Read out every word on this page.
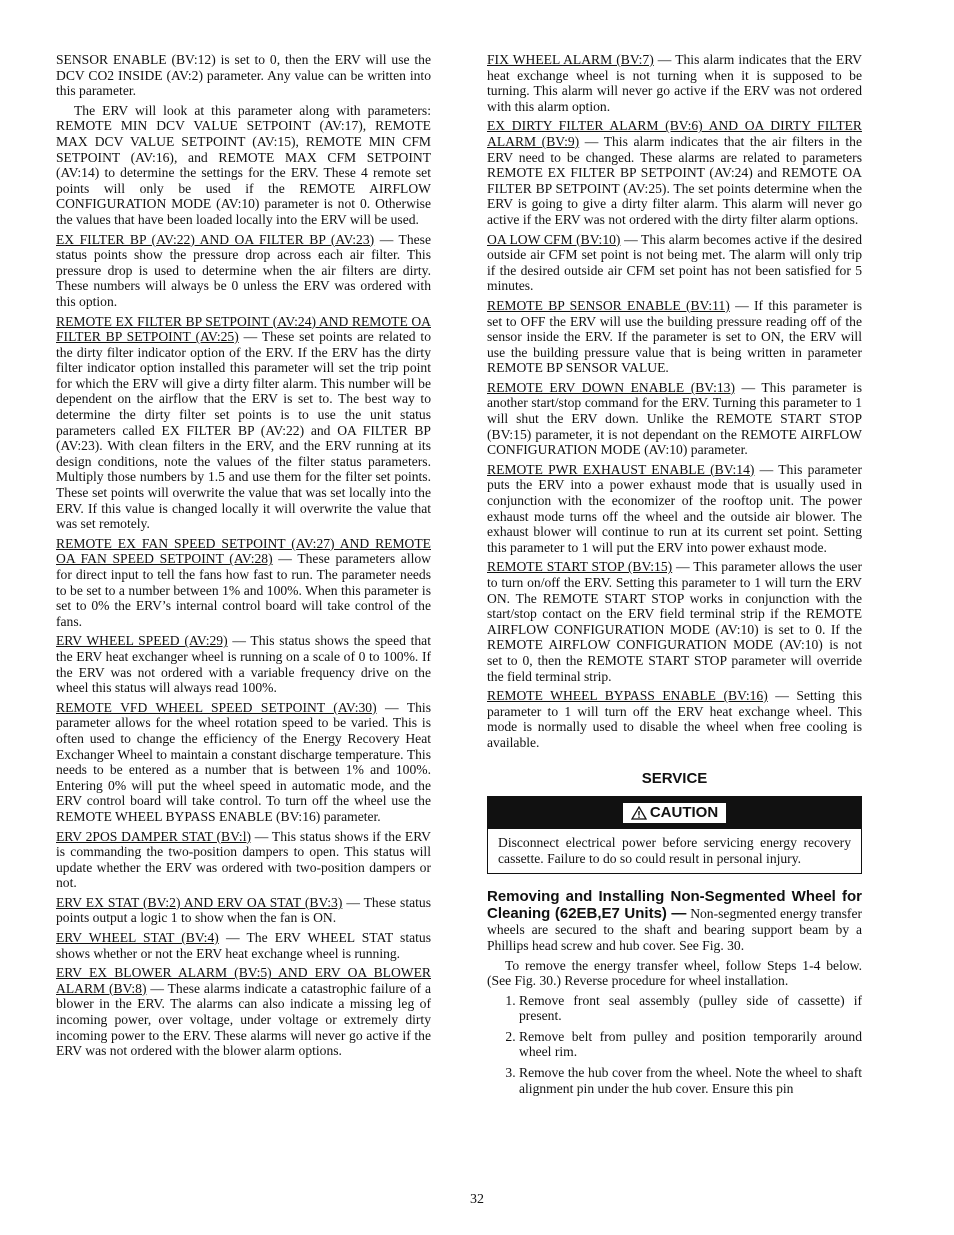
SENSOR ENABLE (BV:12) is set to 0, then the ERV will use the DCV CO2 INSIDE (AV:2) parameter. Any value can be written into this parameter.

The ERV will look at this parameter along with parameters: REMOTE MIN DCV VALUE SETPOINT (AV:17), REMOTE MAX DCV VALUE SETPOINT (AV:15), REMOTE MIN CFM SETPOINT (AV:16), and REMOTE MAX CFM SETPOINT (AV:14) to determine the settings for the ERV. These 4 remote set points will only be used if the REMOTE AIRFLOW CONFIGURATION MODE (AV:10) parameter is not 0. Otherwise the values that have been loaded locally into the ERV will be used.

EX FILTER BP (AV:22) AND OA FILTER BP (AV:23) — These status points show the pressure drop across each air filter. This pressure drop is used to determine when the air filters are dirty. These numbers will always be 0 unless the ERV was ordered with this option.

REMOTE EX FILTER BP SETPOINT (AV:24) AND REMOTE OA FILTER BP SETPOINT (AV:25) — These set points are related to the dirty filter indicator option of the ERV. If the ERV has the dirty filter indicator option installed this parameter will set the trip point for which the ERV will give a dirty filter alarm. This number will be dependent on the airflow that the ERV is set to. The best way to determine the dirty filter set points is to use the unit status parameters called EX FILTER BP (AV:22) and OA FILTER BP (AV:23). With clean filters in the ERV, and the ERV running at its design conditions, note the values of the filter status parameters. Multiply those numbers by 1.5 and use them for the filter set points. These set points will overwrite the value that was set locally into the ERV. If this value is changed locally it will overwrite the value that was set remotely.

REMOTE EX FAN SPEED SETPOINT (AV:27) AND REMOTE OA FAN SPEED SETPOINT (AV:28) — These parameters allow for direct input to tell the fans how fast to run. The parameter needs to be set to a number between 1% and 100%. When this parameter is set to 0% the ERV’s internal control board will take control of the fans.

ERV WHEEL SPEED (AV:29) — This status shows the speed that the ERV heat exchanger wheel is running on a scale of 0 to 100%. If the ERV was not ordered with a variable frequency drive on the wheel this status will always read 100%.

REMOTE VFD WHEEL SPEED SETPOINT (AV:30) — This parameter allows for the wheel rotation speed to be varied. This is often used to change the efficiency of the Energy Recovery Heat Exchanger Wheel to maintain a constant discharge temperature. This needs to be entered as a number that is between 1% and 100%. Entering 0% will put the wheel speed in automatic mode, and the ERV control board will take control. To turn off the wheel use the REMOTE WHEEL BYPASS ENABLE (BV:16) parameter.

ERV 2POS DAMPER STAT (BV:l) — This status shows if the ERV is commanding the two-position dampers to open. This status will update whether the ERV was ordered with two-position dampers or not.

ERV EX STAT (BV:2) AND ERV OA STAT (BV:3) — These status points output a logic 1 to show when the fan is ON.

ERV WHEEL STAT (BV:4) — The ERV WHEEL STAT status shows whether or not the ERV heat exchange wheel is running.

ERV EX BLOWER ALARM (BV:5) AND ERV OA BLOWER ALARM (BV:8) — These alarms indicate a catastrophic failure of a blower in the ERV. The alarms can also indicate a missing leg of incoming power, over voltage, under voltage or extremely dirty incoming power to the ERV. These alarms will never go active if the ERV was not ordered with the blower alarm options.

FIX WHEEL ALARM (BV:7) — This alarm indicates that the ERV heat exchange wheel is not turning when it is supposed to be turning. This alarm will never go active if the ERV was not ordered with this alarm option.

EX DIRTY FILTER ALARM (BV:6) AND OA DIRTY FILTER ALARM (BV:9) — This alarm indicates that the air filters in the ERV need to be changed. These alarms are related to parameters REMOTE EX FILTER BP SETPOINT (AV:24) and REMOTE OA FILTER BP SETPOINT (AV:25). The set points determine when the ERV is going to give a dirty filter alarm. This alarm will never go active if the ERV was not ordered with the dirty filter alarm options.

OA LOW CFM (BV:10) — This alarm becomes active if the desired outside air CFM set point is not being met. The alarm will only trip if the desired outside air CFM set point has not been satisfied for 5 minutes.

REMOTE BP SENSOR ENABLE (BV:11) — If this parameter is set to OFF the ERV will use the building pressure reading off of the sensor inside the ERV. If the parameter is set to ON, the ERV will use the building pressure value that is being written in parameter REMOTE BP SENSOR VALUE.

REMOTE ERV DOWN ENABLE (BV:13) — This parameter is another start/stop command for the ERV. Turning this parameter to 1 will shut the ERV down. Unlike the REMOTE START STOP (BV:15) parameter, it is not dependant on the REMOTE AIRFLOW CONFIGURATION MODE (AV:10) parameter.

REMOTE PWR EXHAUST ENABLE (BV:14) — This parameter puts the ERV into a power exhaust mode that is usually used in conjunction with the economizer of the rooftop unit. The power exhaust mode turns off the wheel and the outside air blower. The exhaust blower will continue to run at its current set point. Setting this parameter to 1 will put the ERV into power exhaust mode.

REMOTE START STOP (BV:15) — This parameter allows the user to turn on/off the ERV. Setting this parameter to 1 will turn the ERV ON. The REMOTE START STOP works in conjunction with the start/stop contact on the ERV field terminal strip if the REMOTE AIRFLOW CONFIGURATION MODE (AV:10) is set to 0. If the REMOTE AIRFLOW CONFIGURATION MODE (AV:10) is not set to 0, then the REMOTE START STOP parameter will override the field terminal strip.

REMOTE WHEEL BYPASS ENABLE (BV:16) — Setting this parameter to 1 will turn off the ERV heat exchange wheel. This mode is normally used to disable the wheel when free cooling is available.

SERVICE
CAUTION
Disconnect electrical power before servicing energy recovery cassette. Failure to do so could result in personal injury.

Removing and Installing Non-Segmented Wheel for Cleaning (62EB,E7 Units) — Non-segmented energy transfer wheels are secured to the shaft and bearing support beam by a Phillips head screw and hub cover. See Fig. 30.

To remove the energy transfer wheel, follow Steps 1-4 below. (See Fig. 30.) Reverse procedure for wheel installation.

1. Remove front seal assembly (pulley side of cassette) if present.
2. Remove belt from pulley and position temporarily around wheel rim.
3. Remove the hub cover from the wheel. Note the wheel to shaft alignment pin under the hub cover. Ensure this pin
32
